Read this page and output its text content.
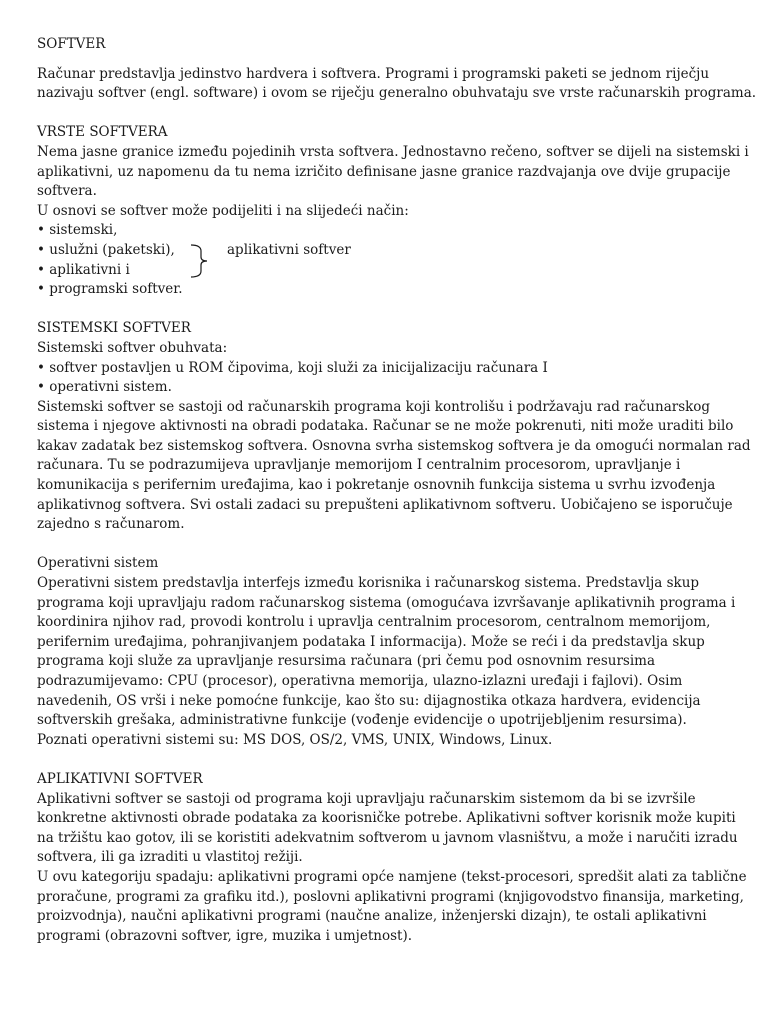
SOFTVER
Računar predstavlja jedinstvo hardvera i softvera. Programi i programski paketi se jednom riječju
nazivaju softver (engl. software) i ovom se riječju generalno obuhvataju sve vrste računarskih programa.
VRSTE SOFTVERA
Nema jasne granice između pojedinih vrsta softvera. Jednostavno rečeno, softver se dijeli na sistemski i
aplikativni, uz napomenu da tu nema izričito definisane jasne granice razdvajanja ove dvije grupacije
softvera.
U osnovi se softver može podijeliti i na slijedeći način:
• sistemski,
• uslužni (paketski),	aplikativni softver
• aplikativni i
• programski softver.
SISTEMSKI SOFTVER
Sistemski softver obuhvata:
• softver postavljen u ROM čipovima, koji služi za inicijalizaciju računara I
• operativni sistem.
Sistemski softver se sastoji od računarskih programa koji kontrolišu i podržavaju rad računarskog
sistema i njegove aktivnosti na obradi podataka. Računar se ne može pokrenuti, niti može uraditi bilo
kakav zadatak bez sistemskog softvera. Osnovna svrha sistemskog softvera je da omogući normalan rad
računara. Tu se podrazumijeva upravljanje memorijom I centralnim procesorom, upravljanje i
komunikacija s perifernim uređajima, kao i pokretanje osnovnih funkcija sistema u svrhu izvođenja
aplikativnog softvera. Svi ostali zadaci su prepušteni aplikativnom softveru. Uobičajeno se isporučuje
zajedno s računarom.
Operativni sistem
Operativni sistem predstavlja interfejs između korisnika i računarskog sistema. Predstavlja skup
programa koji upravljaju radom računarskog sistema (omogućava izvršavanje aplikativnih programa i
koordinira njihov rad, provodi kontrolu i upravlja centralnim procesorom, centralnom memorijom,
perifernim uređajima, pohranjivanjem podataka I informacija). Može se reći i da predstavlja skup
programa koji služe za upravljanje resursima računara (pri čemu pod osnovnim resursima
podrazumijevamo: CPU (procesor), operativna memorija, ulazno-izlazni uređaji i fajlovi). Osim
navedenih, OS vrši i neke pomoćne funkcije, kao što su: dijagnostika otkaza hardvera, evidencija
softverskih grešaka, administrativne funkcije (vođenje evidencije o upotrijebljenim resursima).
Poznati operativni sistemi su: MS DOS, OS/2, VMS, UNIX, Windows, Linux.
APLIKATIVNI SOFTVER
Aplikativni softver se sastoji od programa koji upravljaju računarskim sistemom da bi se izvršile
konkretne aktivnosti obrade podataka za koorisničke potrebe. Aplikativni softver korisnik može kupiti
na tržištu kao gotov, ili se koristiti adekvatnim softverom u javnom vlasništvu, a može i naručiti izradu
softvera, ili ga izraditi u vlastitoj režiji.
U ovu kategoriju spadaju: aplikativni programi opće namjene (tekst-procesori, spredšit alati za tablične
proračune, programi za grafiku itd.), poslovni aplikativni programi (knjigovodstvo finansija, marketing,
proizvodnja), naučni aplikativni programi (naučne analize, inženjerski dizajn), te ostali aplikativni
programi (obrazovni softver, igre, muzika i umjetnost).
